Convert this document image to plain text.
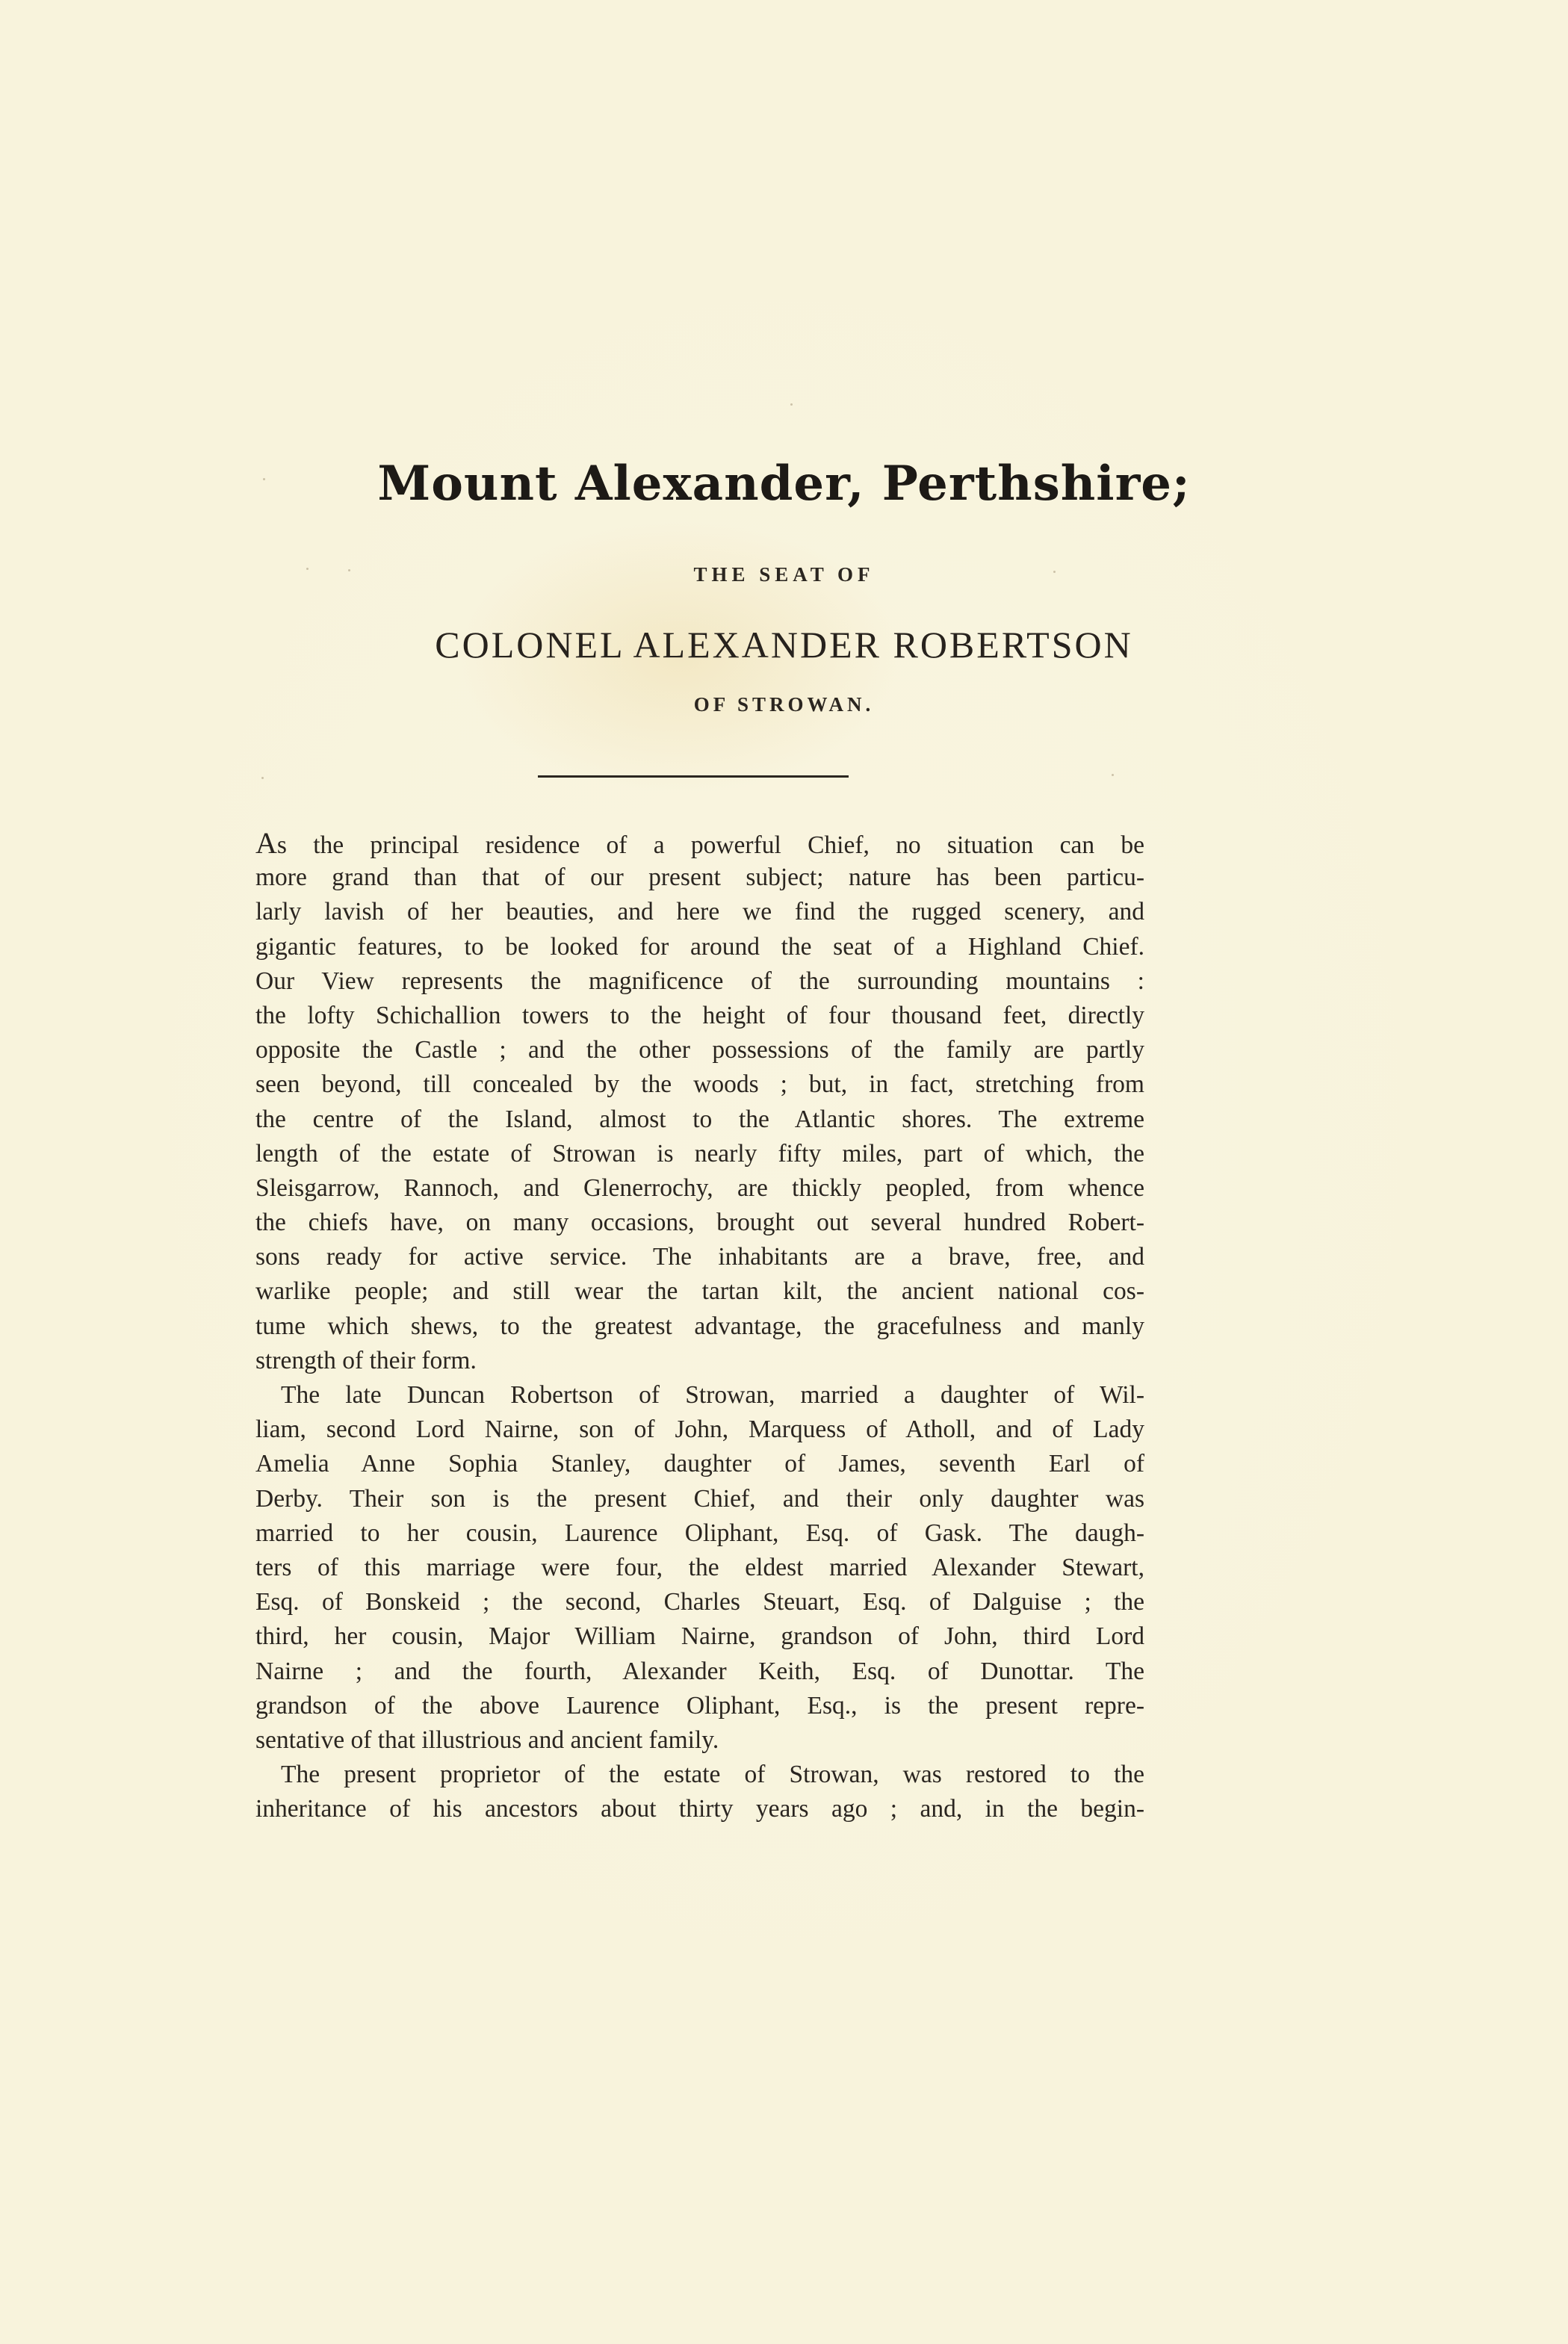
Mount Alexander, Perthshire;
THE SEAT OF
COLONEL ALEXANDER ROBERTSON
OF STROWAN.
As the principal residence of a powerful Chief, no situation can be
more grand than that of our present subject; nature has been particu-
larly lavish of her beauties, and here we find the rugged scenery, and
gigantic features, to be looked for around the seat of a Highland Chief.
Our View represents the magnificence of the surrounding mountains :
the lofty Schichallion towers to the height of four thousand feet, directly
opposite the Castle ; and the other possessions of the family are partly
seen beyond, till concealed by the woods ; but, in fact, stretching from
the centre of the Island, almost to the Atlantic shores. The extreme
length of the estate of Strowan is nearly fifty miles, part of which, the
Sleisgarrow, Rannoch, and Glenerrochy, are thickly peopled, from whence
the chiefs have, on many occasions, brought out several hundred Robert-
sons ready for active service. The inhabitants are a brave, free, and
warlike people; and still wear the tartan kilt, the ancient national cos-
tume which shews, to the greatest advantage, the gracefulness and manly
strength of their form.
The late Duncan Robertson of Strowan, married a daughter of Wil-
liam, second Lord Nairne, son of John, Marquess of Atholl, and of Lady
Amelia Anne Sophia Stanley, daughter of James, seventh Earl of
Derby. Their son is the present Chief, and their only daughter was
married to her cousin, Laurence Oliphant, Esq. of Gask. The daugh-
ters of this marriage were four, the eldest married Alexander Stewart,
Esq. of Bonskeid ; the second, Charles Steuart, Esq. of Dalguise ; the
third, her cousin, Major William Nairne, grandson of John, third Lord
Nairne ; and the fourth, Alexander Keith, Esq. of Dunottar. The
grandson of the above Laurence Oliphant, Esq., is the present repre-
sentative of that illustrious and ancient family.
The present proprietor of the estate of Strowan, was restored to the
inheritance of his ancestors about thirty years ago ; and, in the begin-
